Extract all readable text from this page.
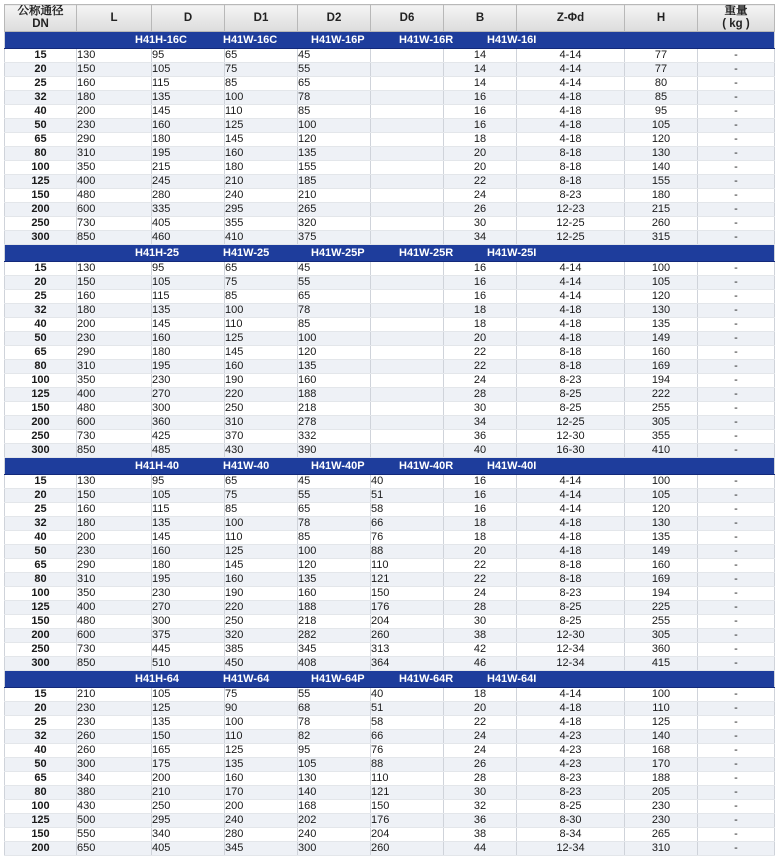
公称通径
DN	L	D	D1	D2	D6	B	Z-Φd	H	重量
( kg )

H41H-16C H41W-16C H41W-16P H41W-16R H41W-16I									

15	130	95	65	45		14	4-14	77	-
20	150	105	75	55		14	4-14	77	-
25	160	115	85	65		14	4-14	80	-
32	180	135	100	78		16	4-18	85	-
40	200	145	110	85		16	4-18	95	-
50	230	160	125	100		16	4-18	105	-
65	290	180	145	120		18	4-18	120	-
80	310	195	160	135		20	8-18	130	-
100	350	215	180	155		20	8-18	140	-
125	400	245	210	185		22	8-18	155	-
150	480	280	240	210		24	8-23	180	-
200	600	335	295	265		26	12-23	215	-
250	730	405	355	320		30	12-25	260	-
300	850	460	410	375		34	12-25	315	-

H41H-25 H41W-25 H41W-25P H41W-25R H41W-25I									

15	130	95	65	45		16	4-14	100	-
20	150	105	75	55		16	4-14	105	-
25	160	115	85	65		16	4-14	120	-
32	180	135	100	78		18	4-18	130	-
40	200	145	110	85		18	4-18	135	-
50	230	160	125	100		20	4-18	149	-
65	290	180	145	120		22	8-18	160	-
80	310	195	160	135		22	8-18	169	-
100	350	230	190	160		24	8-23	194	-
125	400	270	220	188		28	8-25	222	-
150	480	300	250	218		30	8-25	255	-
200	600	360	310	278		34	12-25	305	-
250	730	425	370	332		36	12-30	355	-
300	850	485	430	390		40	16-30	410	-

H41H-40 H41W-40 H41W-40P H41W-40R H41W-40I									

15	130	95	65	45	40	16	4-14	100	-
20	150	105	75	55	51	16	4-14	105	-
25	160	115	85	65	58	16	4-14	120	-
32	180	135	100	78	66	18	4-18	130	-
40	200	145	110	85	76	18	4-18	135	-
50	230	160	125	100	88	20	4-18	149	-
65	290	180	145	120	110	22	8-18	160	-
80	310	195	160	135	121	22	8-18	169	-
100	350	230	190	160	150	24	8-23	194	-
125	400	270	220	188	176	28	8-25	225	-
150	480	300	250	218	204	30	8-25	255	-
200	600	375	320	282	260	38	12-30	305	-
250	730	445	385	345	313	42	12-34	360	-
300	850	510	450	408	364	46	12-34	415	-

H41H-64 H41W-64 H41W-64P H41W-64R H41W-64I									

15	210	105	75	55	40	18	4-14	100	-
20	230	125	90	68	51	20	4-18	110	-
25	230	135	100	78	58	22	4-18	125	-
32	260	150	110	82	66	24	4-23	140	-
40	260	165	125	95	76	24	4-23	168	-
50	300	175	135	105	88	26	4-23	170	-
65	340	200	160	130	110	28	8-23	188	-
80	380	210	170	140	121	30	8-23	205	-
100	430	250	200	168	150	32	8-25	230	-
125	500	295	240	202	176	36	8-30	230	-
150	550	340	280	240	204	38	8-34	265	-
200	650	405	345	300	260	44	12-34	310	-
